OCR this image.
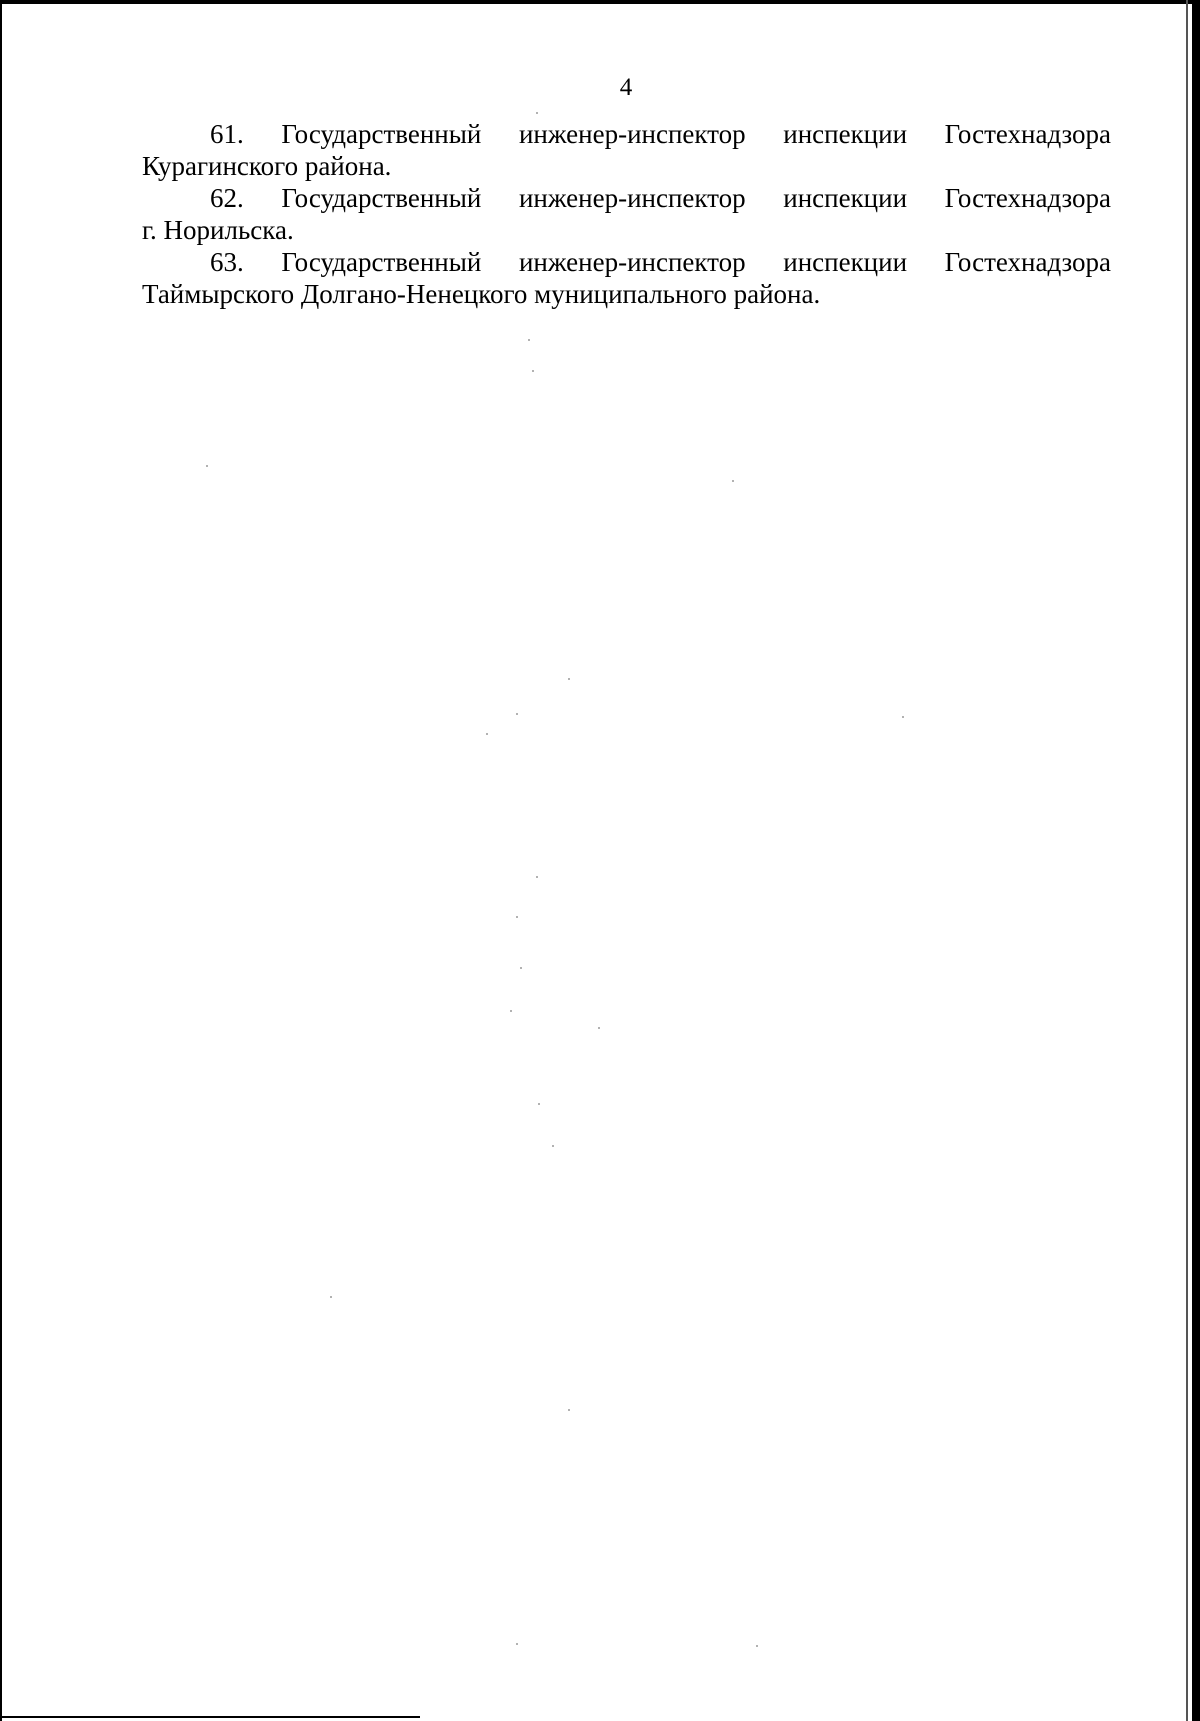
4

61. Государственный инженер-инспектор инспекции Гостехнадзора
Курагинского района.
62. Государственный инженер-инспектор инспекции Гостехнадзора
г. Норильска.
63. Государственный инженер-инспектор инспекции Гостехнадзора
Таймырского Долгано-Ненецкого муниципального района.
